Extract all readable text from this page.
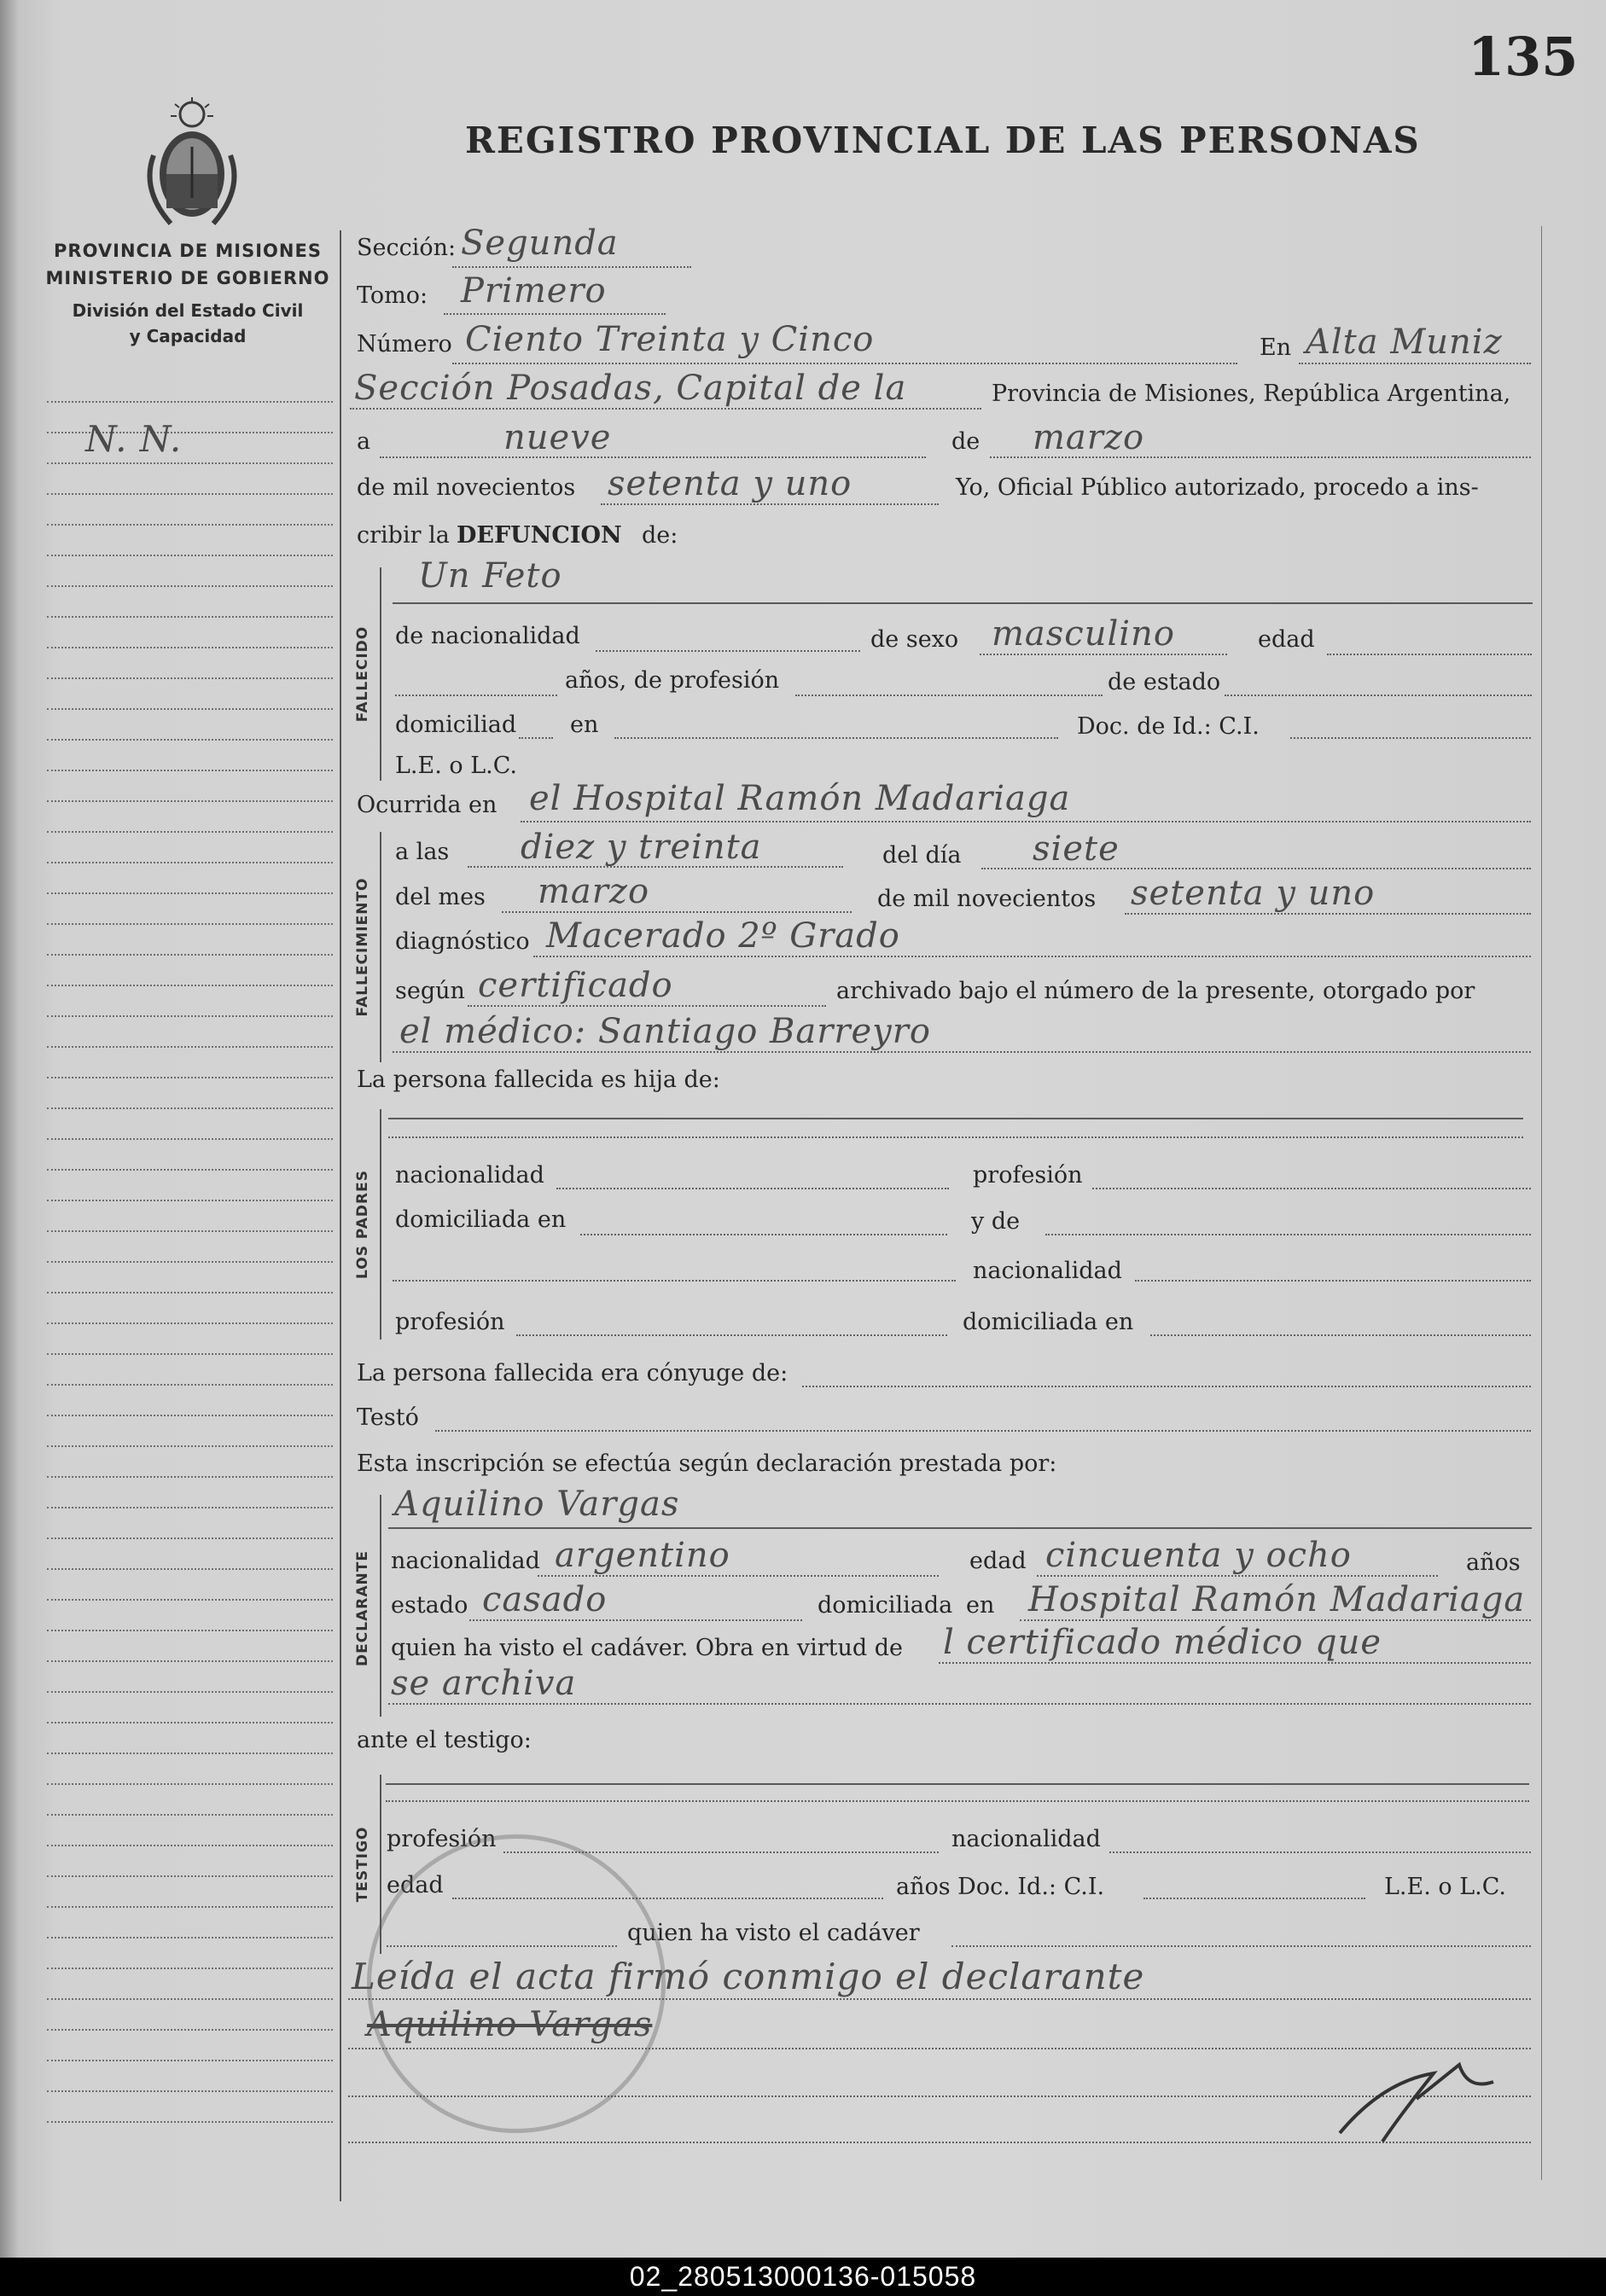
135
REGISTRO PROVINCIAL DE LAS PERSONAS
PROVINCIA DE MISIONES
MINISTERIO DE GOBIERNO
División del Estado Civil
y Capacidad
N. N.
Sección: Segunda
Tomo: Primero
Número Ciento Treinta y Cinco	En Alta Muniz
Sección Posadas, Capital de la	Provincia de Misiones, República Argentina,
a	nueve	de marzo
de mil novecientos setenta y uno	Yo, Oficial Público autorizado, procedo a ins-
cribir la DEFUNCION de:
FALLECIDO
Un Feto
de nacionalidad	de sexo masculino	edad
años, de profesión	de estado
domiciliad en	Doc. de Id.: C.I.
L.E. o L.C.
Ocurrida en el Hospital Ramón Madariaga
FALLECIMIENTO
a las diez y treinta	del día siete
del mes marzo	de mil novecientos setenta y uno
diagnóstico Macerado 2º Grado
según certificado	archivado bajo el número de la presente, otorgado por
el médico: Santiago Barreyro
La persona fallecida es hija de:
LOS PADRES nacionalidad	profesión
domiciliada en	y de
nacionalidad
profesión	domiciliada en
La persona fallecida era cónyuge de:
Testó
Esta inscripción se efectúa según declaración prestada por:
DECLARANTE
Aquilino Vargas
nacionalidad argentino	edad cincuenta y ocho	años
estado casado	domiciliada en Hospital Ramón Madariaga
quien ha visto el cadáver. Obra en virtud de l certificado médico que
se archiva
ante el testigo:
TESTIGO profesión	nacionalidad
edad	años Doc. Id.: C.I.	L.E. o L.C.
quien ha visto el cadáver
Leída el acta firmó conmigo el declarante
Aquilino Vargas
02_280513000136-015058
